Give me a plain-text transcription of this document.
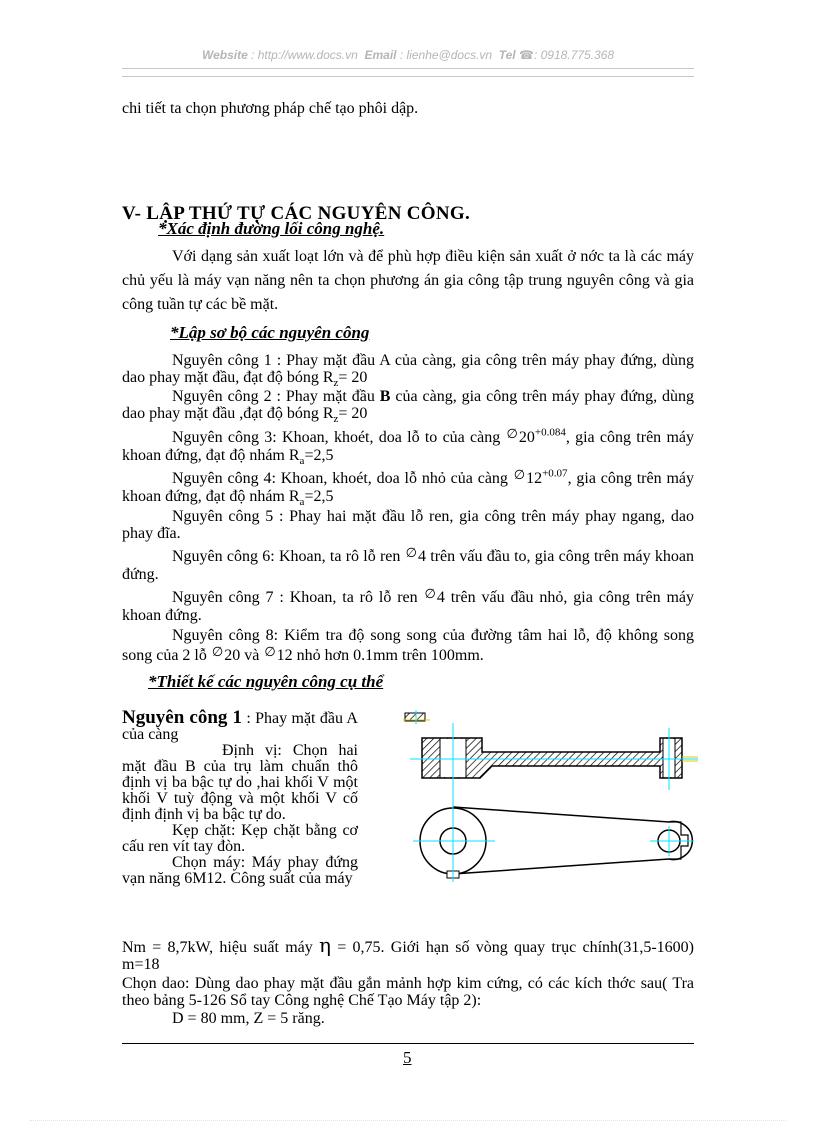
Website : http://www.docs.vn Email : lienhe@docs.vn Tel ☎: 0918.775.368
chi tiết ta chọn phương pháp chế tạo phôi dập.
V- LẬP THỨ TỰ CÁC NGUYÊN CÔNG.
*Xác định đường lối công nghệ.
Với dạng sản xuất loạt lớn và để phù hợp điều kiện sản xuất ở nớc ta là các máy chủ yếu là máy vạn năng nên ta chọn phương án gia công tập trung nguyên công và gia công tuần tự các bề mặt.
*Lập sơ bộ các nguyên công

Nguyên công 1 : Phay mặt đầu A của càng, gia công trên máy phay đứng, dùng dao phay mặt đầu, đạt độ bóng $R_z= 20$

Nguyên công 2 : Phay mặt đầu B của càng, gia công trên máy phay đứng, dùng dao phay mặt đầu ,đạt độ bóng $R_z= 20$

Nguyên công 3: Khoan, khoét, doa lỗ to của càng $^\emptyset 20^{+0.084}$, gia công trên máy khoan đứng, đạt độ nhám $R_a=2,5$

Nguyên công 4: Khoan, khoét, doa lỗ nhỏ của càng $^\emptyset 12^{+0.07}$, gia công trên máy khoan đứng, đạt độ nhám $R_a=2,5$

Nguyên công 5 : Phay hai mặt đầu lỗ ren, gia công trên máy phay ngang, dao phay đĩa.

Nguyên công 6: Khoan, ta rô lỗ ren ∅4 trên vấu đầu to, gia công trên máy khoan đứng.

Nguyên công 7 : Khoan, ta rô lỗ ren ∅4 trên vấu đầu nhỏ, gia công trên máy khoan đứng.

Nguyên công 8: Kiểm tra độ song song của đường tâm hai lỗ, độ không song song của 2 lỗ ∅20 và ∅12 nhỏ hơn 0.1mm trên 100mm.

*Thiết kế các nguyên công cụ thể

Nguyên công 1 : Phay mặt đầu A của càng

Định vị: Chọn hai mặt đầu B của trụ làm chuẩn thô định vị ba bậc tự do ,hai khối V một khối V tuỳ động và một khối V cố định định vị ba bậc tự do.

Kẹp chặt: Kẹp chặt bằng cơ cấu ren vít tay đòn.

Chọn máy: Máy phay đứng vạn năng 6M12. Công suất của máy

Nm = 8,7kW, hiệu suất máy η = 0,75. Giới hạn số vòng quay trục chính(31,5-1600) m=18

Chọn dao: Dùng dao phay mặt đầu gắn mảnh hợp kim cứng, có các kích thớc sau( Tra theo bảng 5-126 Sổ tay Công nghệ Chế Tạo Máy tập 2):

D = 80 mm, Z = 5 răng.

5
